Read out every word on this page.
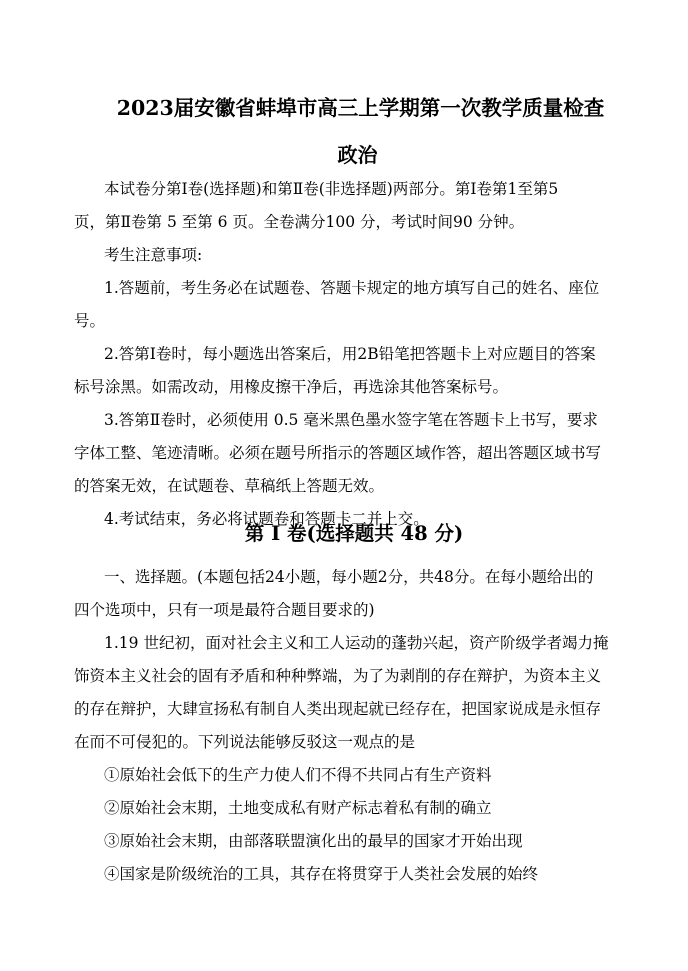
2023届安徽省蚌埠市高三上学期第一次教学质量检查
政治
本试卷分第Ⅰ卷(选择题)和第Ⅱ卷(非选择题)两部分。第Ⅰ卷第1至第5
页，第Ⅱ卷第 5 至第 6 页。全卷满分100 分，考试时间90 分钟。
考生注意事项:
1.答题前，考生务必在试题卷、答题卡规定的地方填写自己的姓名、座位
号。
2.答第Ⅰ卷时，每小题选出答案后，用2B铅笔把答题卡上对应题目的答案
标号涂黑。如需改动，用橡皮擦干净后，再选涂其他答案标号。
3.答第Ⅱ卷时，必须使用 0.5 毫米黑色墨水签字笔在答题卡上书写，要求
字体工整、笔迹清晰。必须在题号所指示的答题区域作答，超出答题区域书写
的答案无效，在试题卷、草稿纸上答题无效。
4.考试结束，务必将试题卷和答题卡二并上交。
第 Ⅰ 卷(选择题共 48 分)
一、选择题。(本题包括24小题，每小题2分，共48分。在每小题给出的
四个选项中，只有一项是最符合题目要求的)
1.19 世纪初，面对社会主义和工人运动的蓬勃兴起，资产阶级学者竭力掩
饰资本主义社会的固有矛盾和种种弊端，为了为剥削的存在辩护，为资本主义
的存在辩护，大肆宣扬私有制自人类出现起就已经存在，把国家说成是永恒存
在而不可侵犯的。下列说法能够反驳这一观点的是
①原始社会低下的生产力使人们不得不共同占有生产资料
②原始社会末期，土地变成私有财产标志着私有制的确立
③原始社会末期，由部落联盟演化出的最早的国家才开始出现
④国家是阶级统治的工具，其存在将贯穿于人类社会发展的始终
